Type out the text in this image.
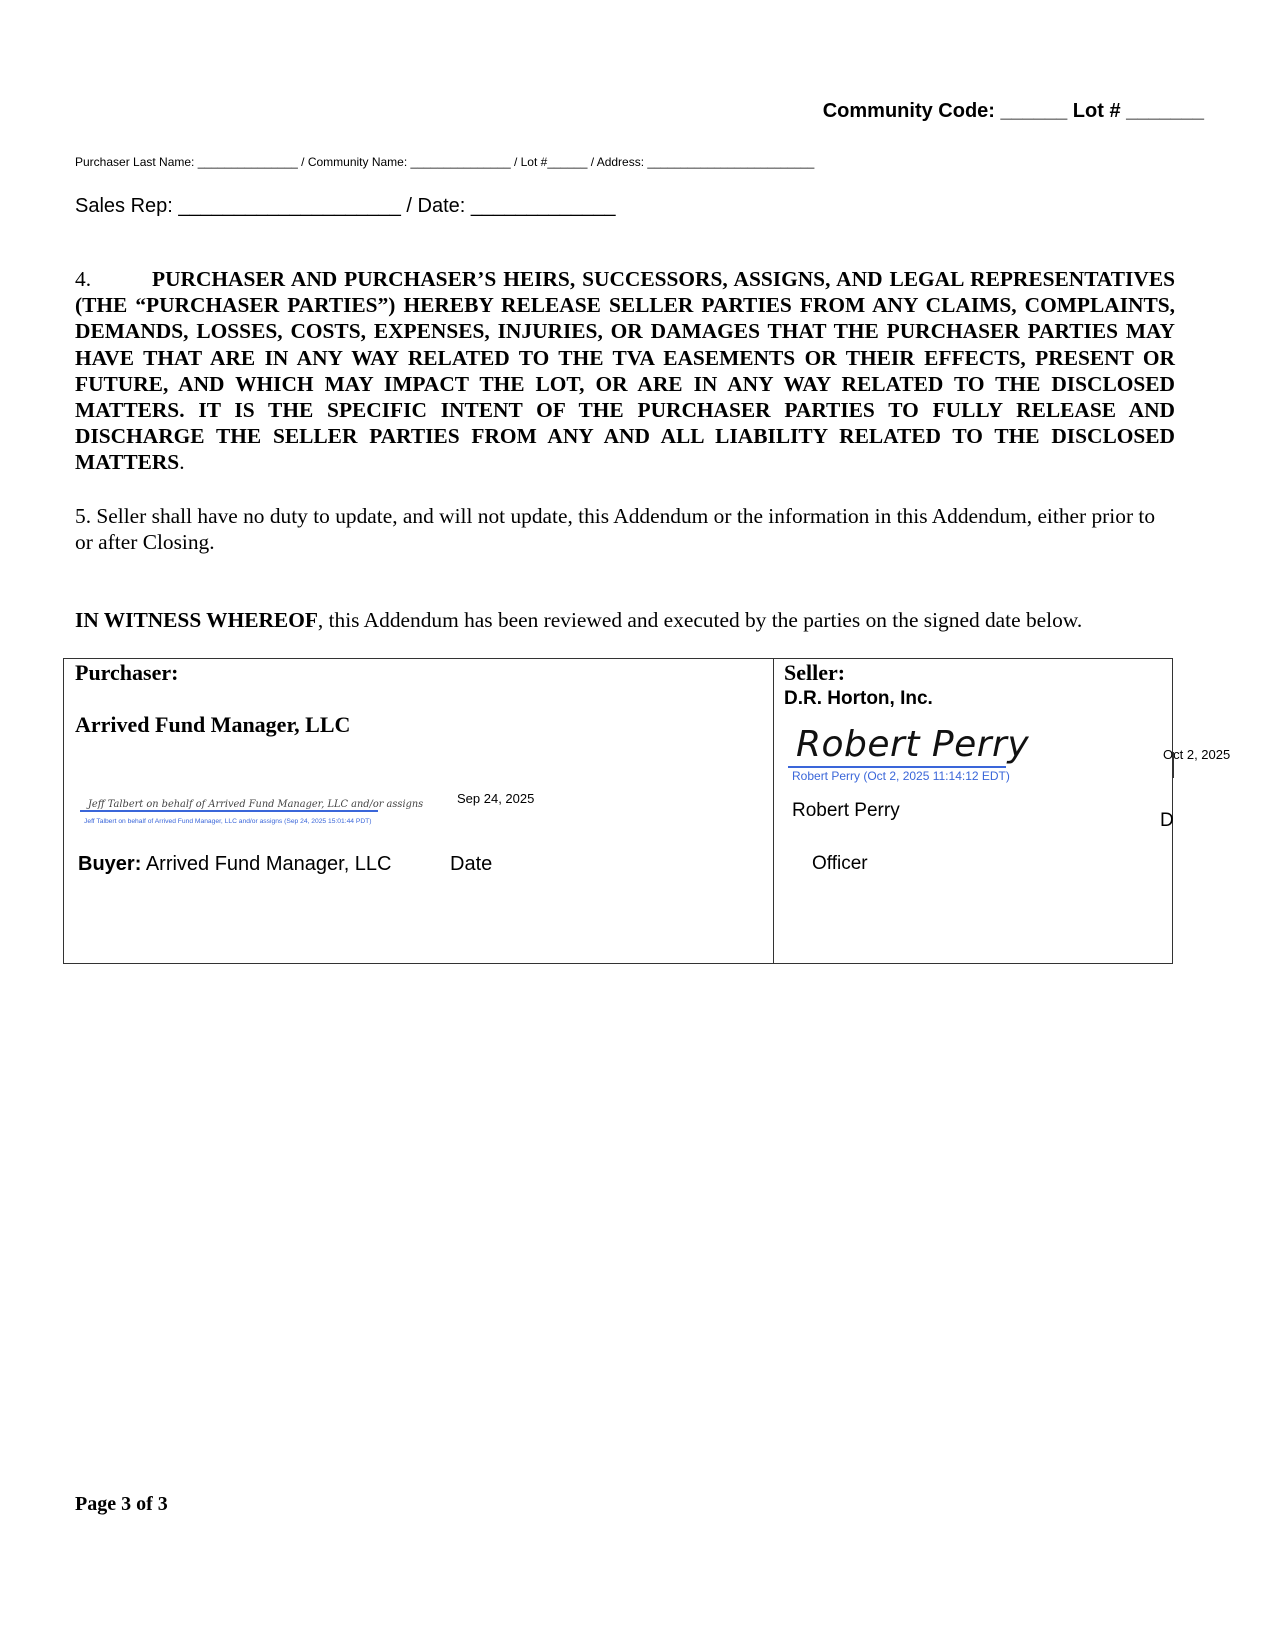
Community Code: ______ Lot # _______

Purchaser Last Name: _______________ / Community Name: _______________ / Lot #______ / Address: _________________________

Sales Rep: ____________________ / Date: _____________

4.	PURCHASER AND PURCHASER’S HEIRS, SUCCESSORS, ASSIGNS, AND LEGAL REPRESENTATIVES (THE “PURCHASER PARTIES”) HEREBY RELEASE SELLER PARTIES FROM ANY CLAIMS, COMPLAINTS, DEMANDS, LOSSES, COSTS, EXPENSES, INJURIES, OR DAMAGES THAT THE PURCHASER PARTIES MAY HAVE THAT ARE IN ANY WAY RELATED TO THE TVA EASEMENTS OR THEIR EFFECTS, PRESENT OR FUTURE, AND WHICH MAY IMPACT THE LOT, OR ARE IN ANY WAY RELATED TO THE DISCLOSED MATTERS. IT IS THE SPECIFIC INTENT OF THE PURCHASER PARTIES TO FULLY RELEASE AND DISCHARGE THE SELLER PARTIES FROM ANY AND ALL LIABILITY RELATED TO THE DISCLOSED MATTERS.

5. Seller shall have no duty to update, and will not update, this Addendum or the information in this Addendum, either prior to or after Closing.

IN WITNESS WHEREOF, this Addendum has been reviewed and executed by the parties on the signed date below.

Purchaser:

Arrived Fund Manager, LLC

Sep 24, 2025

Jeff Talbert on behalf of Arrived Fund Manager, LLC and/or assigns

Jeff Talbert on behalf of Arrived Fund Manager, LLC and/or assigns (Sep 24, 2025 15:01:44 PDT)

Buyer: Arrived Fund Manager, LLC	Date

Seller:

D.R. Horton, Inc.

Robert Perry

Robert Perry (Oct 2, 2025 11:14:12 EDT)

Oct 2, 2025

Robert Perry	D

Officer

Page 3 of 3
